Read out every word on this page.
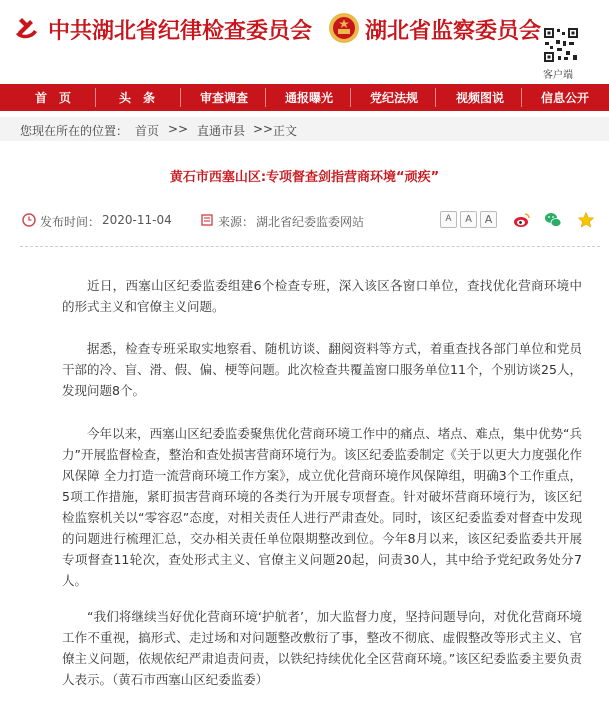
中共湖北省纪律检查委员会 湖北省监察委员会
客户端
首　页	头　条	审查调查	通报曝光	党纪法规	视频图说	信息公开
您现在所在的位置： 首页 >> 直通市县 >> 正文
黄石市西塞山区:专项督查剑指营商环境“顽疾”
发布时间： 2020-11-04	来源： 湖北省纪委监委网站	A	A	A

近日，西塞山区纪委监委组建6个检查专班，深入该区各窗口单位，查找优化营商环境中的形式主义和官僚主义问题。

据悉，检查专班采取实地察看、随机访谈、翻阅资料等方式，着重查找各部门单位和党员干部的冷、盲、滑、假、偏、梗等问题。此次检查共覆盖窗口服务单位11个，个别访谈25人，发现问题8个。

今年以来，西塞山区纪委监委聚焦优化营商环境工作中的痛点、堵点、难点，集中优势“兵力”开展监督检查，整治和查处损害营商环境行为。该区纪委监委制定《关于以更大力度强化作风保障 全力打造一流营商环境工作方案》，成立优化营商环境作风保障组，明确3个工作重点，5项工作措施，紧盯损害营商环境的各类行为开展专项督查。针对破坏营商环境行为，该区纪检监察机关以“零容忍”态度，对相关责任人进行严肃查处。同时，该区纪委监委对督查中发现的问题进行梳理汇总，交办相关责任单位限期整改到位。今年8月以来，该区纪委监委共开展专项督查11轮次，查处形式主义、官僚主义问题20起，问责30人，其中给予党纪政务处分7人。

“我们将继续当好优化营商环境‘护航者’，加大监督力度，坚持问题导向，对优化营商环境工作不重视，搞形式、走过场和对问题整改敷衍了事，整改不彻底、虚假整改等形式主义、官僚主义问题，依规依纪严肃追责问责，以铁纪持续优化全区营商环境。”该区纪委监委主要负责人表示。（黄石市西塞山区纪委监委）
